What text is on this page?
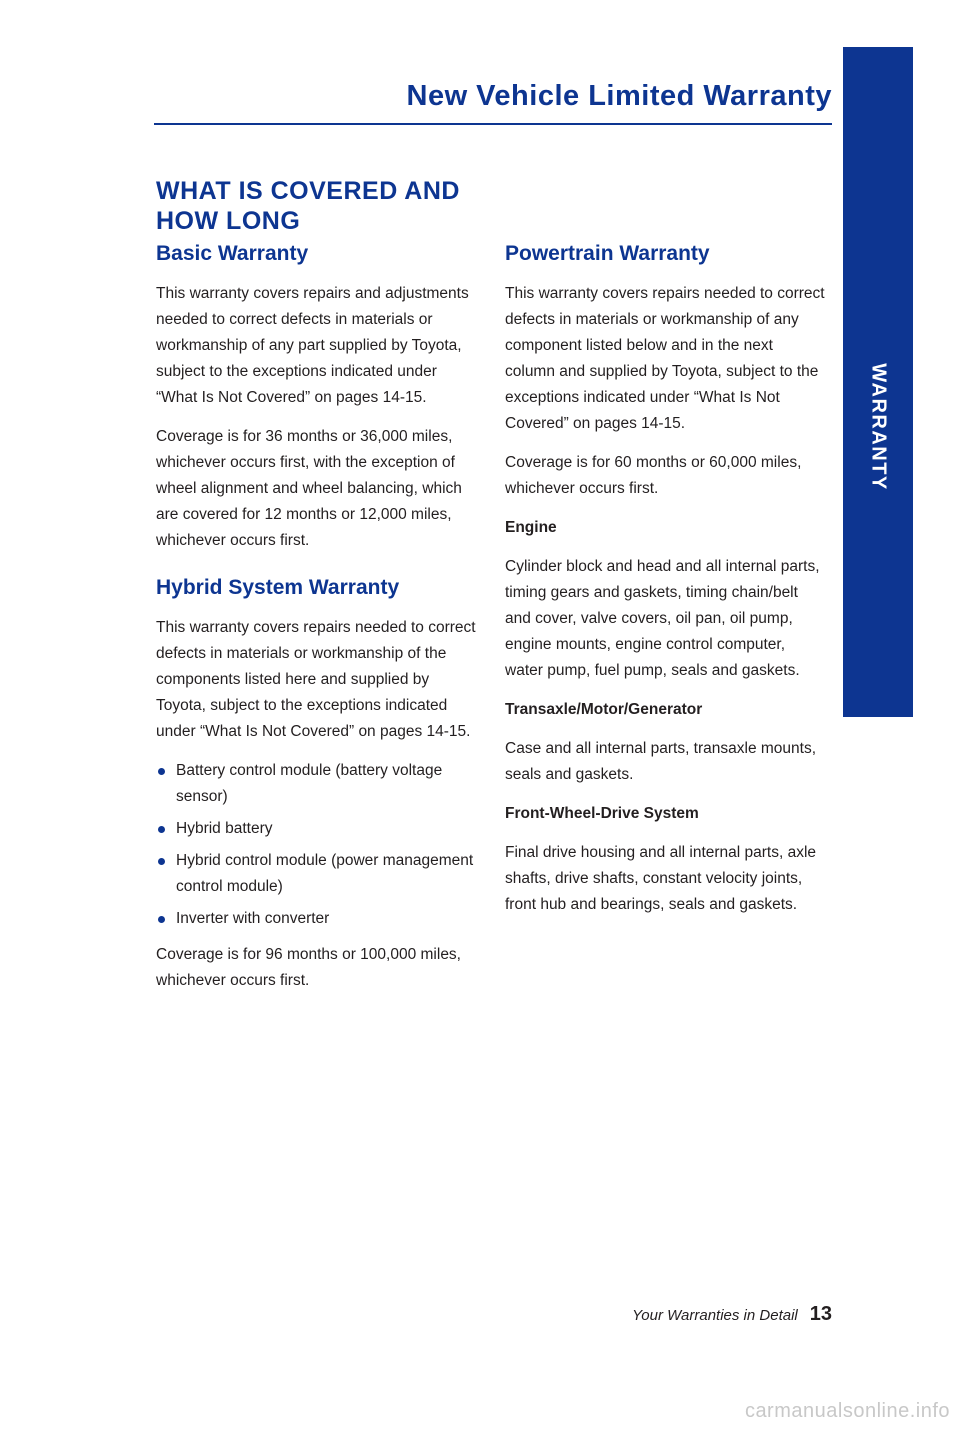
New Vehicle Limited Warranty
WARRANTY
WHAT IS COVERED AND
HOW LONG
Basic Warranty

This warranty covers repairs and adjustments needed to correct defects in materials or workmanship of any part supplied by Toyota, subject to the exceptions indicated under “What Is Not Covered” on pages 14-15.

Coverage is for 36 months or 36,000 miles, whichever occurs first, with the exception of wheel alignment and wheel balancing, which are covered for 12 months or 12,000 miles, whichever occurs first.

Hybrid System Warranty

This warranty covers repairs needed to correct defects in materials or workmanship of the components listed here and supplied by Toyota, subject to the exceptions indicated under “What Is Not Covered” on pages 14-15.

Battery control module (battery voltage sensor)
Hybrid battery
Hybrid control module (power management control module)
Inverter with converter

Coverage is for 96 months or 100,000 miles, whichever occurs first.

Powertrain Warranty

This warranty covers repairs needed to correct defects in materials or workmanship of any component listed below and in the next column and supplied by Toyota, subject to the exceptions indicated under “What Is Not Covered” on pages 14-15.

Coverage is for 60 months or 60,000 miles, whichever occurs first.

Engine

Cylinder block and head and all internal parts, timing gears and gaskets, timing chain/belt and cover, valve covers, oil pan, oil pump, engine mounts, engine control computer, water pump, fuel pump, seals and gaskets.

Transaxle/Motor/Generator

Case and all internal parts, transaxle mounts, seals and gaskets.

Front-Wheel-Drive System

Final drive housing and all internal parts, axle shafts, drive shafts, constant velocity joints, front hub and bearings, seals and gaskets.

Your Warranties in Detail 13
carmanualsonline.info
